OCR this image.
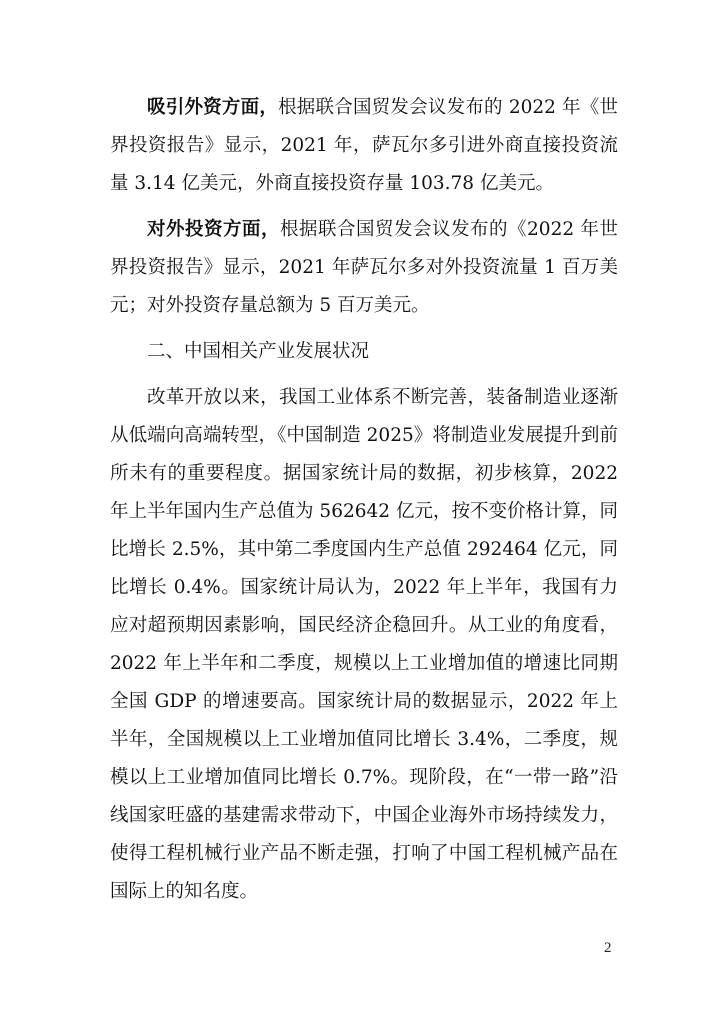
吸引外资方面，根据联合国贸发会议发布的 2022 年《世界投资报告》显示，2021 年，萨瓦尔多引进外商直接投资流量 3.14 亿美元，外商直接投资存量 103.78 亿美元。

对外投资方面，根据联合国贸发会议发布的《2022 年世界投资报告》显示，2021 年萨瓦尔多对外投资流量 1 百万美元；对外投资存量总额为 5 百万美元。

二、中国相关产业发展状况

改革开放以来，我国工业体系不断完善，装备制造业逐渐从低端向高端转型，《中国制造 2025》将制造业发展提升到前所未有的重要程度。据国家统计局的数据，初步核算，2022 年上半年国内生产总值为 562642 亿元，按不变价格计算，同比增长 2.5%，其中第二季度国内生产总值 292464 亿元，同比增长 0.4%。国家统计局认为，2022 年上半年，我国有力应对超预期因素影响，国民经济企稳回升。从工业的角度看，2022 年上半年和二季度，规模以上工业增加值的增速比同期全国 GDP 的增速要高。国家统计局的数据显示，2022 年上半年，全国规模以上工业增加值同比增长 3.4%，二季度，规模以上工业增加值同比增长 0.7%。现阶段，在“一带一路”沿线国家旺盛的基建需求带动下，中国企业海外市场持续发力，使得工程机械行业产品不断走强，打响了中国工程机械产品在国际上的知名度。

2
